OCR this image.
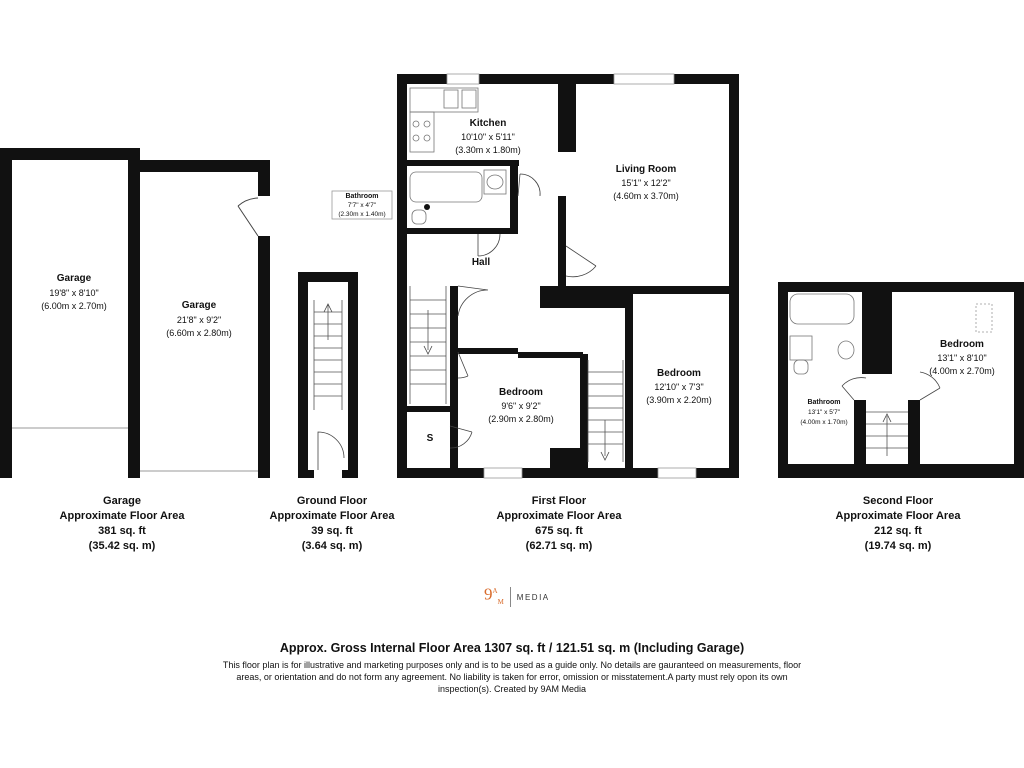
Garage
19'8" x 8'10"
(6.00m x 2.70m)	Garage
21'8" x 9'2"
(6.60m x 2.80m)
Kitchen
10'10" x 5'11"
(3.30m x 1.80m)
Living Room
15'1" x 12'2"
(4.60m x 3.70m)
Bathroom
7'7" x 4'7"
(2.30m x 1.40m)
Hall
Bedroom
9'6" x 9'2"
(2.90m x 2.80m)
Bedroom
12'10" x 7'3"
(3.90m x 2.20m)
S
Bedroom
13'1" x 8'10"
(4.00m x 2.70m)
Bathroom
13'1" x 5'7"
(4.00m x 1.70m)
Garage
Approximate Floor Area
381 sq. ft
(35.42 sq. m)
Ground Floor
Approximate Floor Area
39 sq. ft
(3.64 sq. m)
First Floor
Approximate Floor Area
675 sq. ft
(62.71 sq. m)
Second Floor
Approximate Floor Area
212 sq. ft
(19.74 sq. m)
$9^A_M$
MEDIA
Approx. Gross Internal Floor Area 1307 sq. ft / 121.51 sq. m (Including Garage)
This floor plan is for illustrative and marketing purposes only and is to be used as a guide only. No details are gauranteed on measurements, floor areas, or orientation and do not form any agreement. No liability is taken for error, omission or misstatement.A party must rely opon its own inspection(s). Created by 9AM Media
